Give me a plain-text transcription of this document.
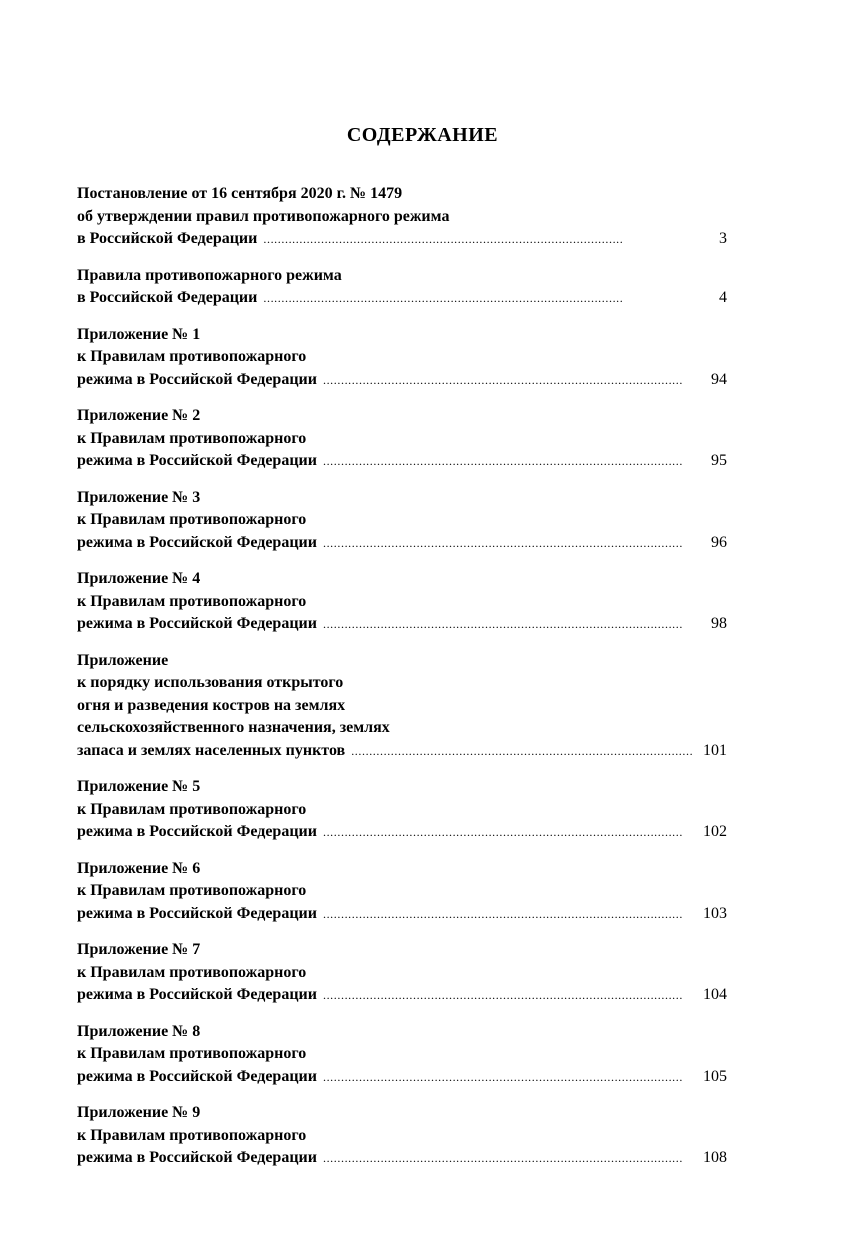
СОДЕРЖАНИЕ
Постановление от 16 сентября 2020 г. № 1479
об утверждении правил противопожарного режима
в Российской Федерации . . .	3
Правила противопожарного режима
в Российской Федерации . . .	4
Приложение № 1
к Правилам противопожарного
режима в Российской Федерации . . .	94
Приложение № 2
к Правилам противопожарного
режима в Российской Федерации . . .	95
Приложение № 3
к Правилам противопожарного
режима в Российской Федерации . . .	96
Приложение № 4
к Правилам противопожарного
режима в Российской Федерации . . .	98
Приложение
к порядку использования открытого
огня и разведения костров на землях
сельскохозяйственного назначения, землях
запаса и землях населенных пунктов . . .	101
Приложение № 5
к Правилам противопожарного
режима в Российской Федерации . . .	102
Приложение № 6
к Правилам противопожарного
режима в Российской Федерации . . .	103
Приложение № 7
к Правилам противопожарного
режима в Российской Федерации . . .	104
Приложение № 8
к Правилам противопожарного
режима в Российской Федерации . . .	105
Приложение № 9
к Правилам противопожарного
режима в Российской Федерации . . .	108
